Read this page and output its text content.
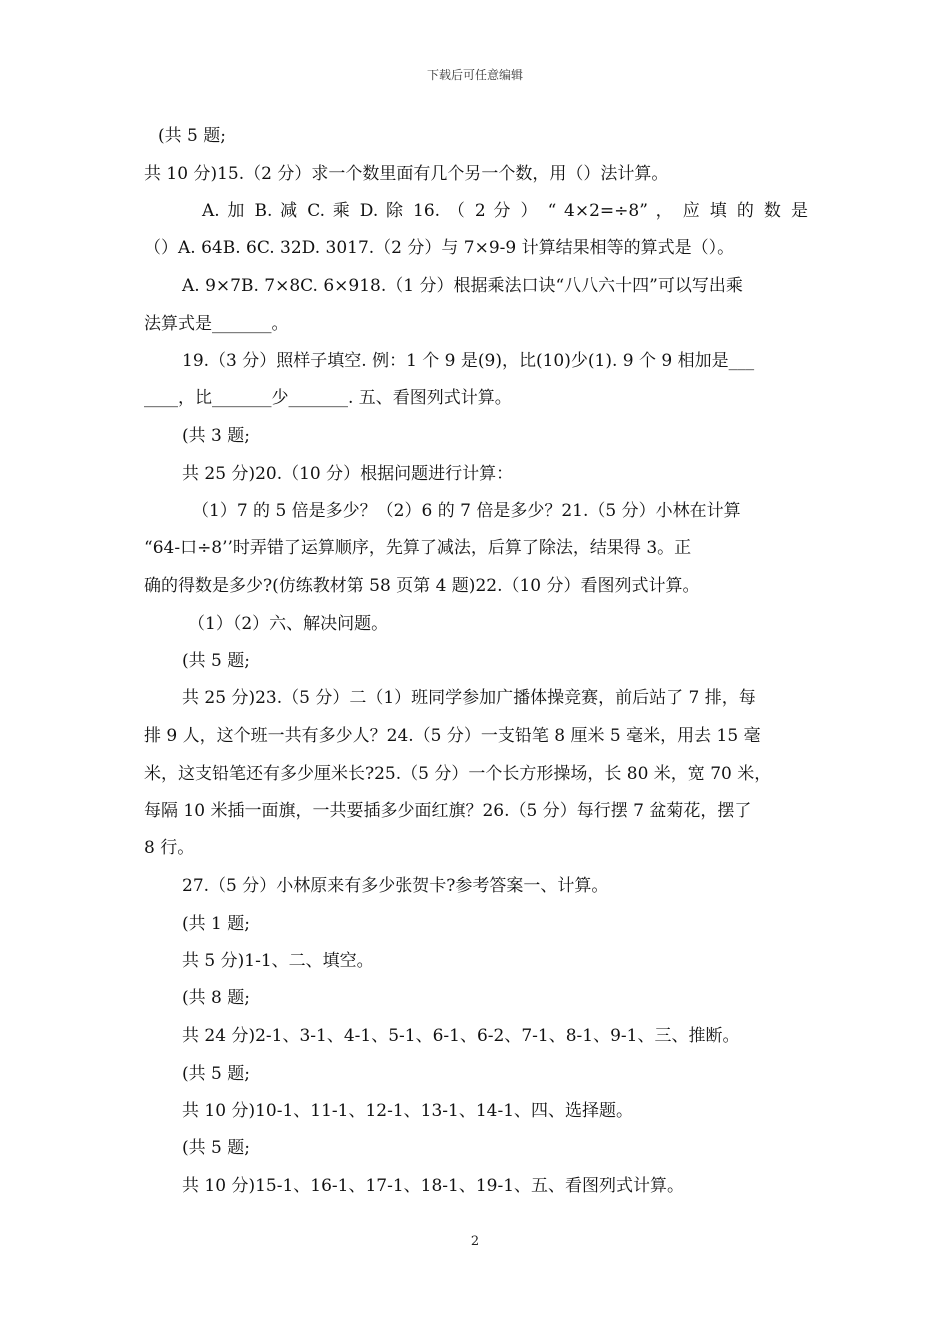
下载后可任意编辑
(共 5 题;
共 10 分)15.（2 分）求一个数里面有几个另一个数，用（）法计算。
A. 加 B. 减 C. 乘 D. 除 16. （ 2 分 ） “ 4×2=÷8” ， 应 填 的 数 是
（）A. 64B. 6C. 32D. 3017.（2 分）与 7×9-9 计算结果相等的算式是（）。
A. 9×7B. 7×8C. 6×918.（1 分）根据乘法口诀“八八六十四”可以写出乘
法算式是_______。
19.（3 分）照样子填空. 例：1 个 9 是(9)，比(10)少(1). 9 个 9 相加是___
____，比_______少_______. 五、看图列式计算。
(共 3 题;
共 25 分)20.（10 分）根据问题进行计算：
（1）7 的 5 倍是多少？（2）6 的 7 倍是多少？21.（5 分）小林在计算
“64-口÷8’’时弄错了运算顺序，先算了减法，后算了除法，结果得 3。正
确的得数是多少?(仿练教材第 58 页第 4 题)22.（10 分）看图列式计算。
（1）（2）六、解决问题。
(共 5 题;
共 25 分)23.（5 分）二（1）班同学参加广播体操竞赛，前后站了 7 排，每
排 9 人，这个班一共有多少人？24.（5 分）一支铅笔 8 厘米 5 毫米，用去 15 毫
米，这支铅笔还有多少厘米长?25.（5 分）一个长方形操场，长 80 米，宽 70 米，
每隔 10 米插一面旗，一共要插多少面红旗？26.（5 分）每行摆 7 盆菊花，摆了
8 行。
27.（5 分）小林原来有多少张贺卡?参考答案一、计算。
(共 1 题;
共 5 分)1-1、二、填空。
(共 8 题;
共 24 分)2-1、3-1、4-1、5-1、6-1、6-2、7-1、8-1、9-1、三、推断。
(共 5 题;
共 10 分)10-1、11-1、12-1、13-1、14-1、四、选择题。
(共 5 题;
共 10 分)15-1、16-1、17-1、18-1、19-1、五、看图列式计算。
2
